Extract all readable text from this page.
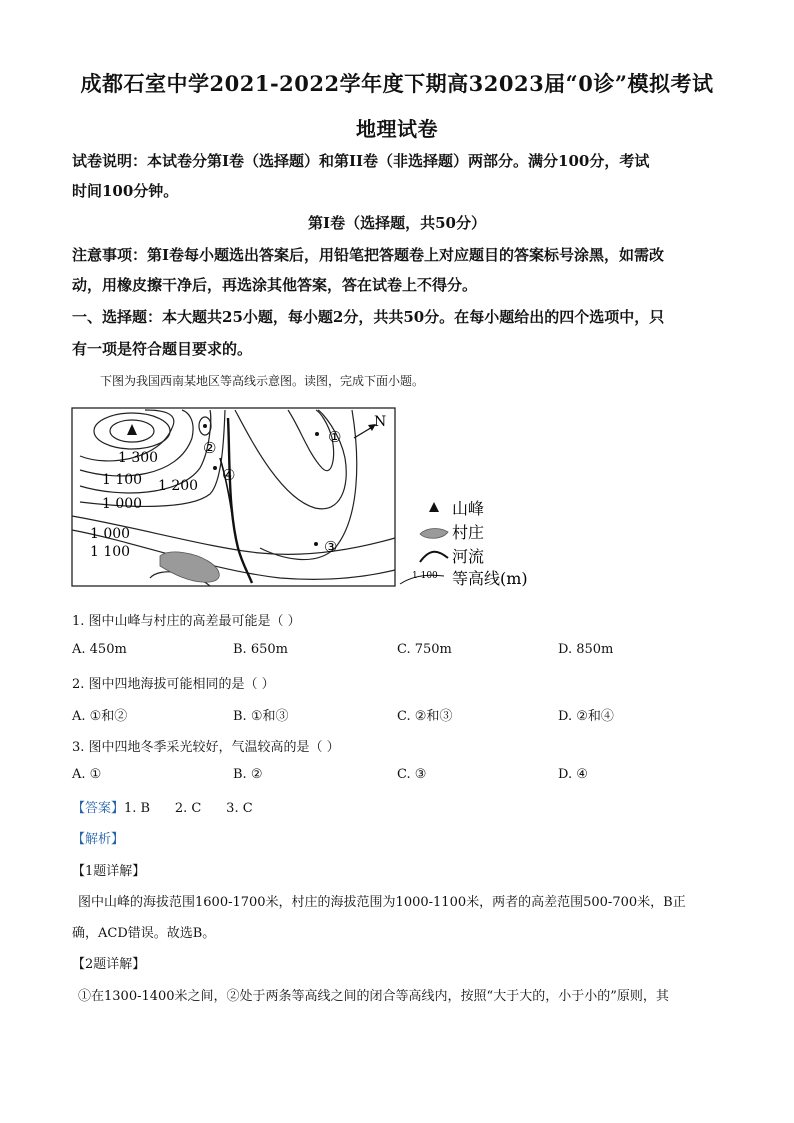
成都石室中学2021-2022学年度下期高32023届“0诊”模拟考试
地理试卷
试卷说明：本试卷分第Ⅰ卷（选择题）和第II卷（非选择题）两部分。满分100分，考试
时间100分钟。
第Ⅰ卷（选择题，共50分）
注意事项：第Ⅰ卷每小题选出答案后，用铅笔把答题卷上对应题目的答案标号涂黑，如需改
动，用橡皮擦干净后，再选涂其他答案，答在试卷上不得分。
一、选择题：本大题共25小题，每小题2分，共共50分。在每小题给出的四个选项中，只
有一项是符合题目要求的。
下图为我国西南某地区等高线示意图。读图，完成下面小题。
①
②
③
④
1 300
1 200
1 100
1 000
1 000
1 100
N
山峰
村庄
河流
1 100 等高线(m)
1. 图中山峰与村庄的高差最可能是（ ）
A. 450m	B. 650m	C. 750m	D. 850m
2. 图中四地海拔可能相同的是（ ）
A. ①和②	B. ①和③	C. ②和③	D. ②和④
3. 图中四地冬季采光较好，气温较高的是（ ）
A. ①	B. ②	C. ③	D. ④
【答案】1. B      2. C      3. C
【解析】
【1题详解】
图中山峰的海拔范围1600-1700米，村庄的海拔范围为1000-1100米，两者的高差范围500-700米，B正
确，ACD错误。故选B。
【2题详解】
①在1300-1400米之间，②处于两条等高线之间的闭合等高线内，按照“大于大的，小于小的”原则，其
